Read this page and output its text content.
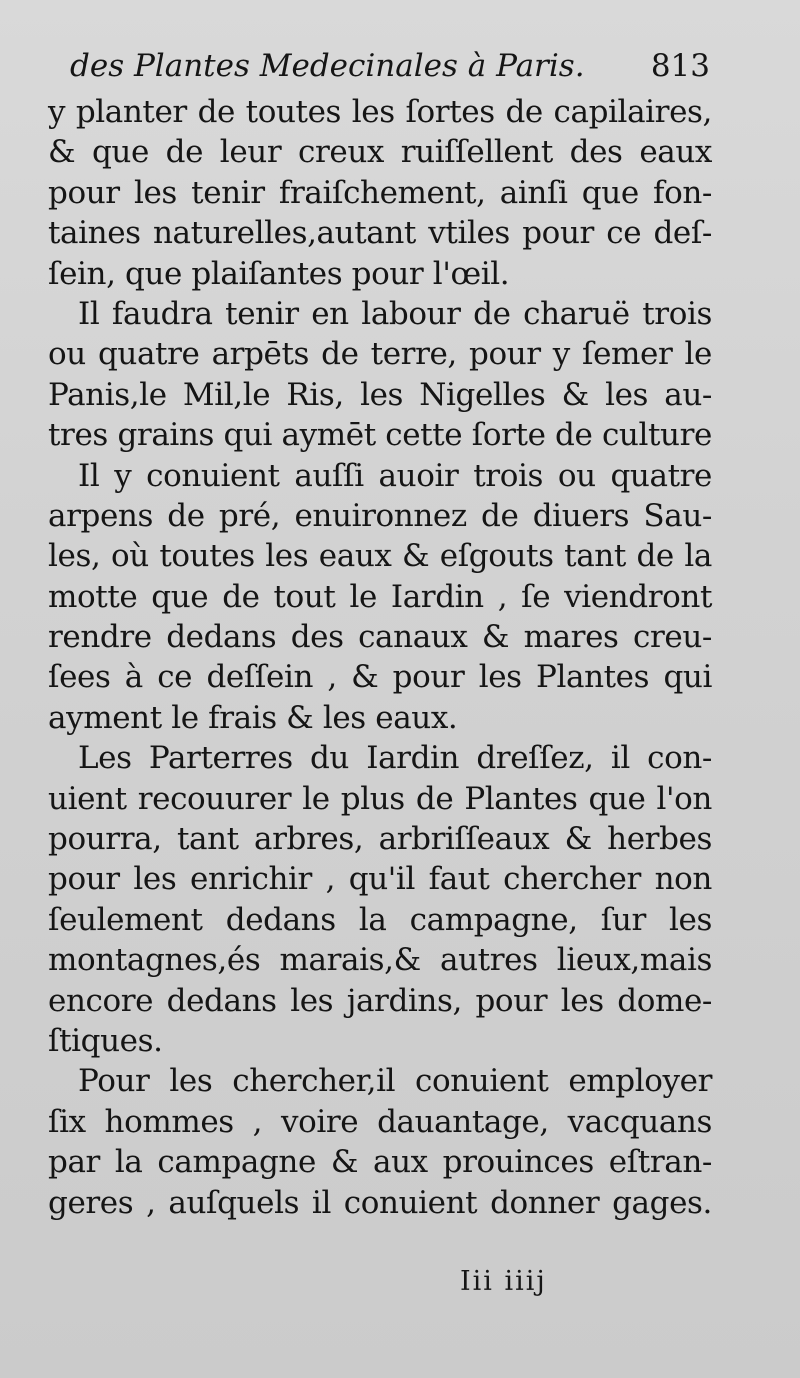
des Plantes Medecinales à Paris. 813
y planter de toutes les ſortes de capilaires,
& que de leur creux ruiſſellent des eaux
pour les tenir fraiſchement, ainſi que fon-
taines naturelles,autant vtiles pour ce deſ-
ſein, que plaiſantes pour l'œil.
Il faudra tenir en labour de charuë trois
ou quatre arpēts de terre, pour y ſemer le
Panis,le Mil,le Ris, les Nigelles & les au-
tres grains qui aymēt cette ſorte de culture
Il y conuient auſſi auoir trois ou quatre
arpens de pré, enuironnez de diuers Sau-
les, où toutes les eaux & eſgouts tant de la
motte que de tout le Iardin , ſe viendront
rendre dedans des canaux & mares creu-
ſees à ce deſſein , & pour les Plantes qui
ayment le frais & les eaux.
Les Parterres du Iardin dreſſez, il con-
uient recouurer le plus de Plantes que l'on
pourra, tant arbres, arbriſſeaux & herbes
pour les enrichir , qu'il faut chercher non
ſeulement dedans la campagne, ſur les
montagnes,és marais,& autres lieux,mais
encore dedans les jardins, pour les dome-
ſtiques.
Pour les chercher,il conuient employer
ſix hommes , voire dauantage, vacquans
par la campagne & aux prouinces eſtran-
geres , auſquels il conuient donner gages.
Iii iiij
